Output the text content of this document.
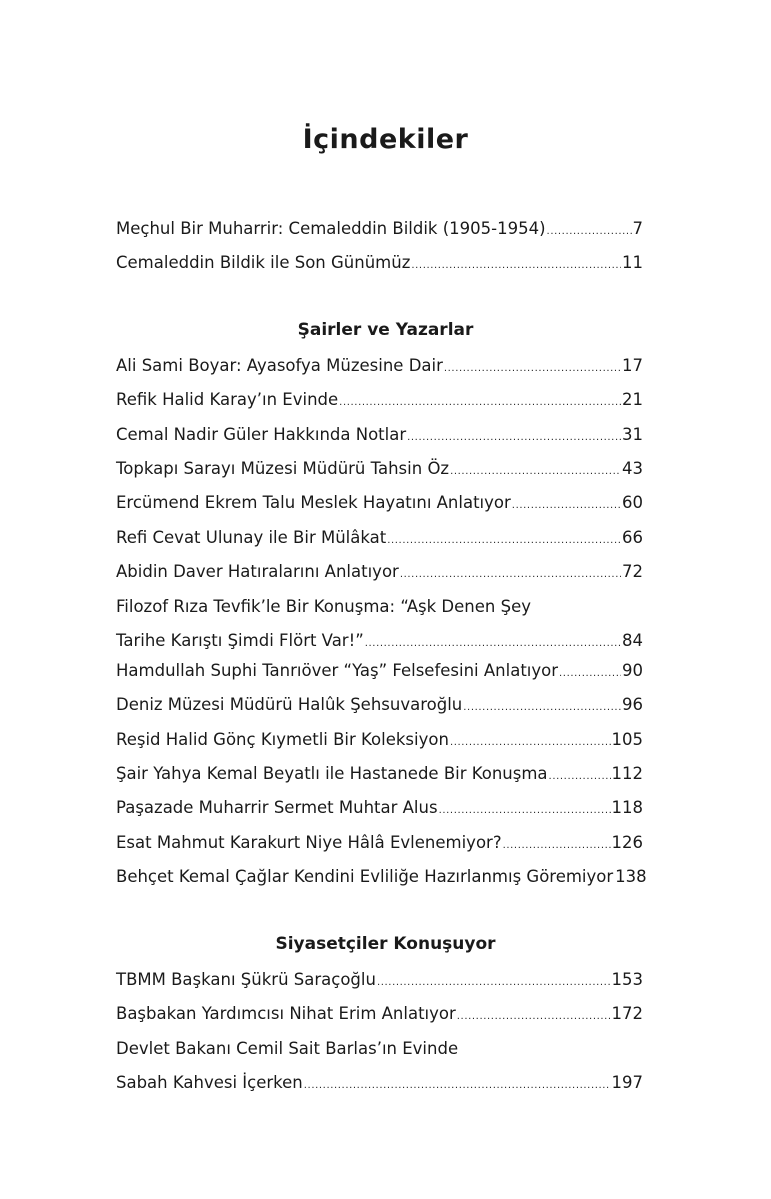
İçindekiler
Meçhul Bir Muharrir: Cemaleddin Bildik (1905-1954) .....	7
Cemaleddin Bildik ile Son Günümüz .....	11
Şairler ve Yazarlar
Ali Sami Boyar: Ayasofya Müzesine Dair .....	17
Refik Halid Karay’ın Evinde .....	21
Cemal Nadir Güler Hakkında Notlar .....	31
Topkapı Sarayı Müzesi Müdürü Tahsin Öz .....	43
Ercümend Ekrem Talu Meslek Hayatını Anlatıyor .....	60
Refi Cevat Ulunay ile Bir Mülâkat .....	66
Abidin Daver Hatıralarını Anlatıyor .....	72
Filozof Rıza Tevfik’le Bir Konuşma: “Aşk Denen Şey
Tarihe Karıştı Şimdi Flört Var!” .....	84
Hamdullah Suphi Tanrıöver “Yaş” Felsefesini Anlatıyor .....	90
Deniz Müzesi Müdürü Halûk Şehsuvaroğlu .....	96
Reşid Halid Gönç Kıymetli Bir Koleksiyon .....	105
Şair Yahya Kemal Beyatlı ile Hastanede Bir Konuşma .....	112
Paşazade Muharrir Sermet Muhtar Alus .....	118
Esat Mahmut Karakurt Niye Hâlâ Evlenemiyor? .....	126
Behçet Kemal Çağlar Kendini Evliliğe Hazırlanmış Göremiyor 138
Siyasetçiler Konuşuyor
TBMM Başkanı Şükrü Saraçoğlu .....	153
Başbakan Yardımcısı Nihat Erim Anlatıyor .....	172
Devlet Bakanı Cemil Sait Barlas’ın Evinde
Sabah Kahvesi İçerken .....	197
